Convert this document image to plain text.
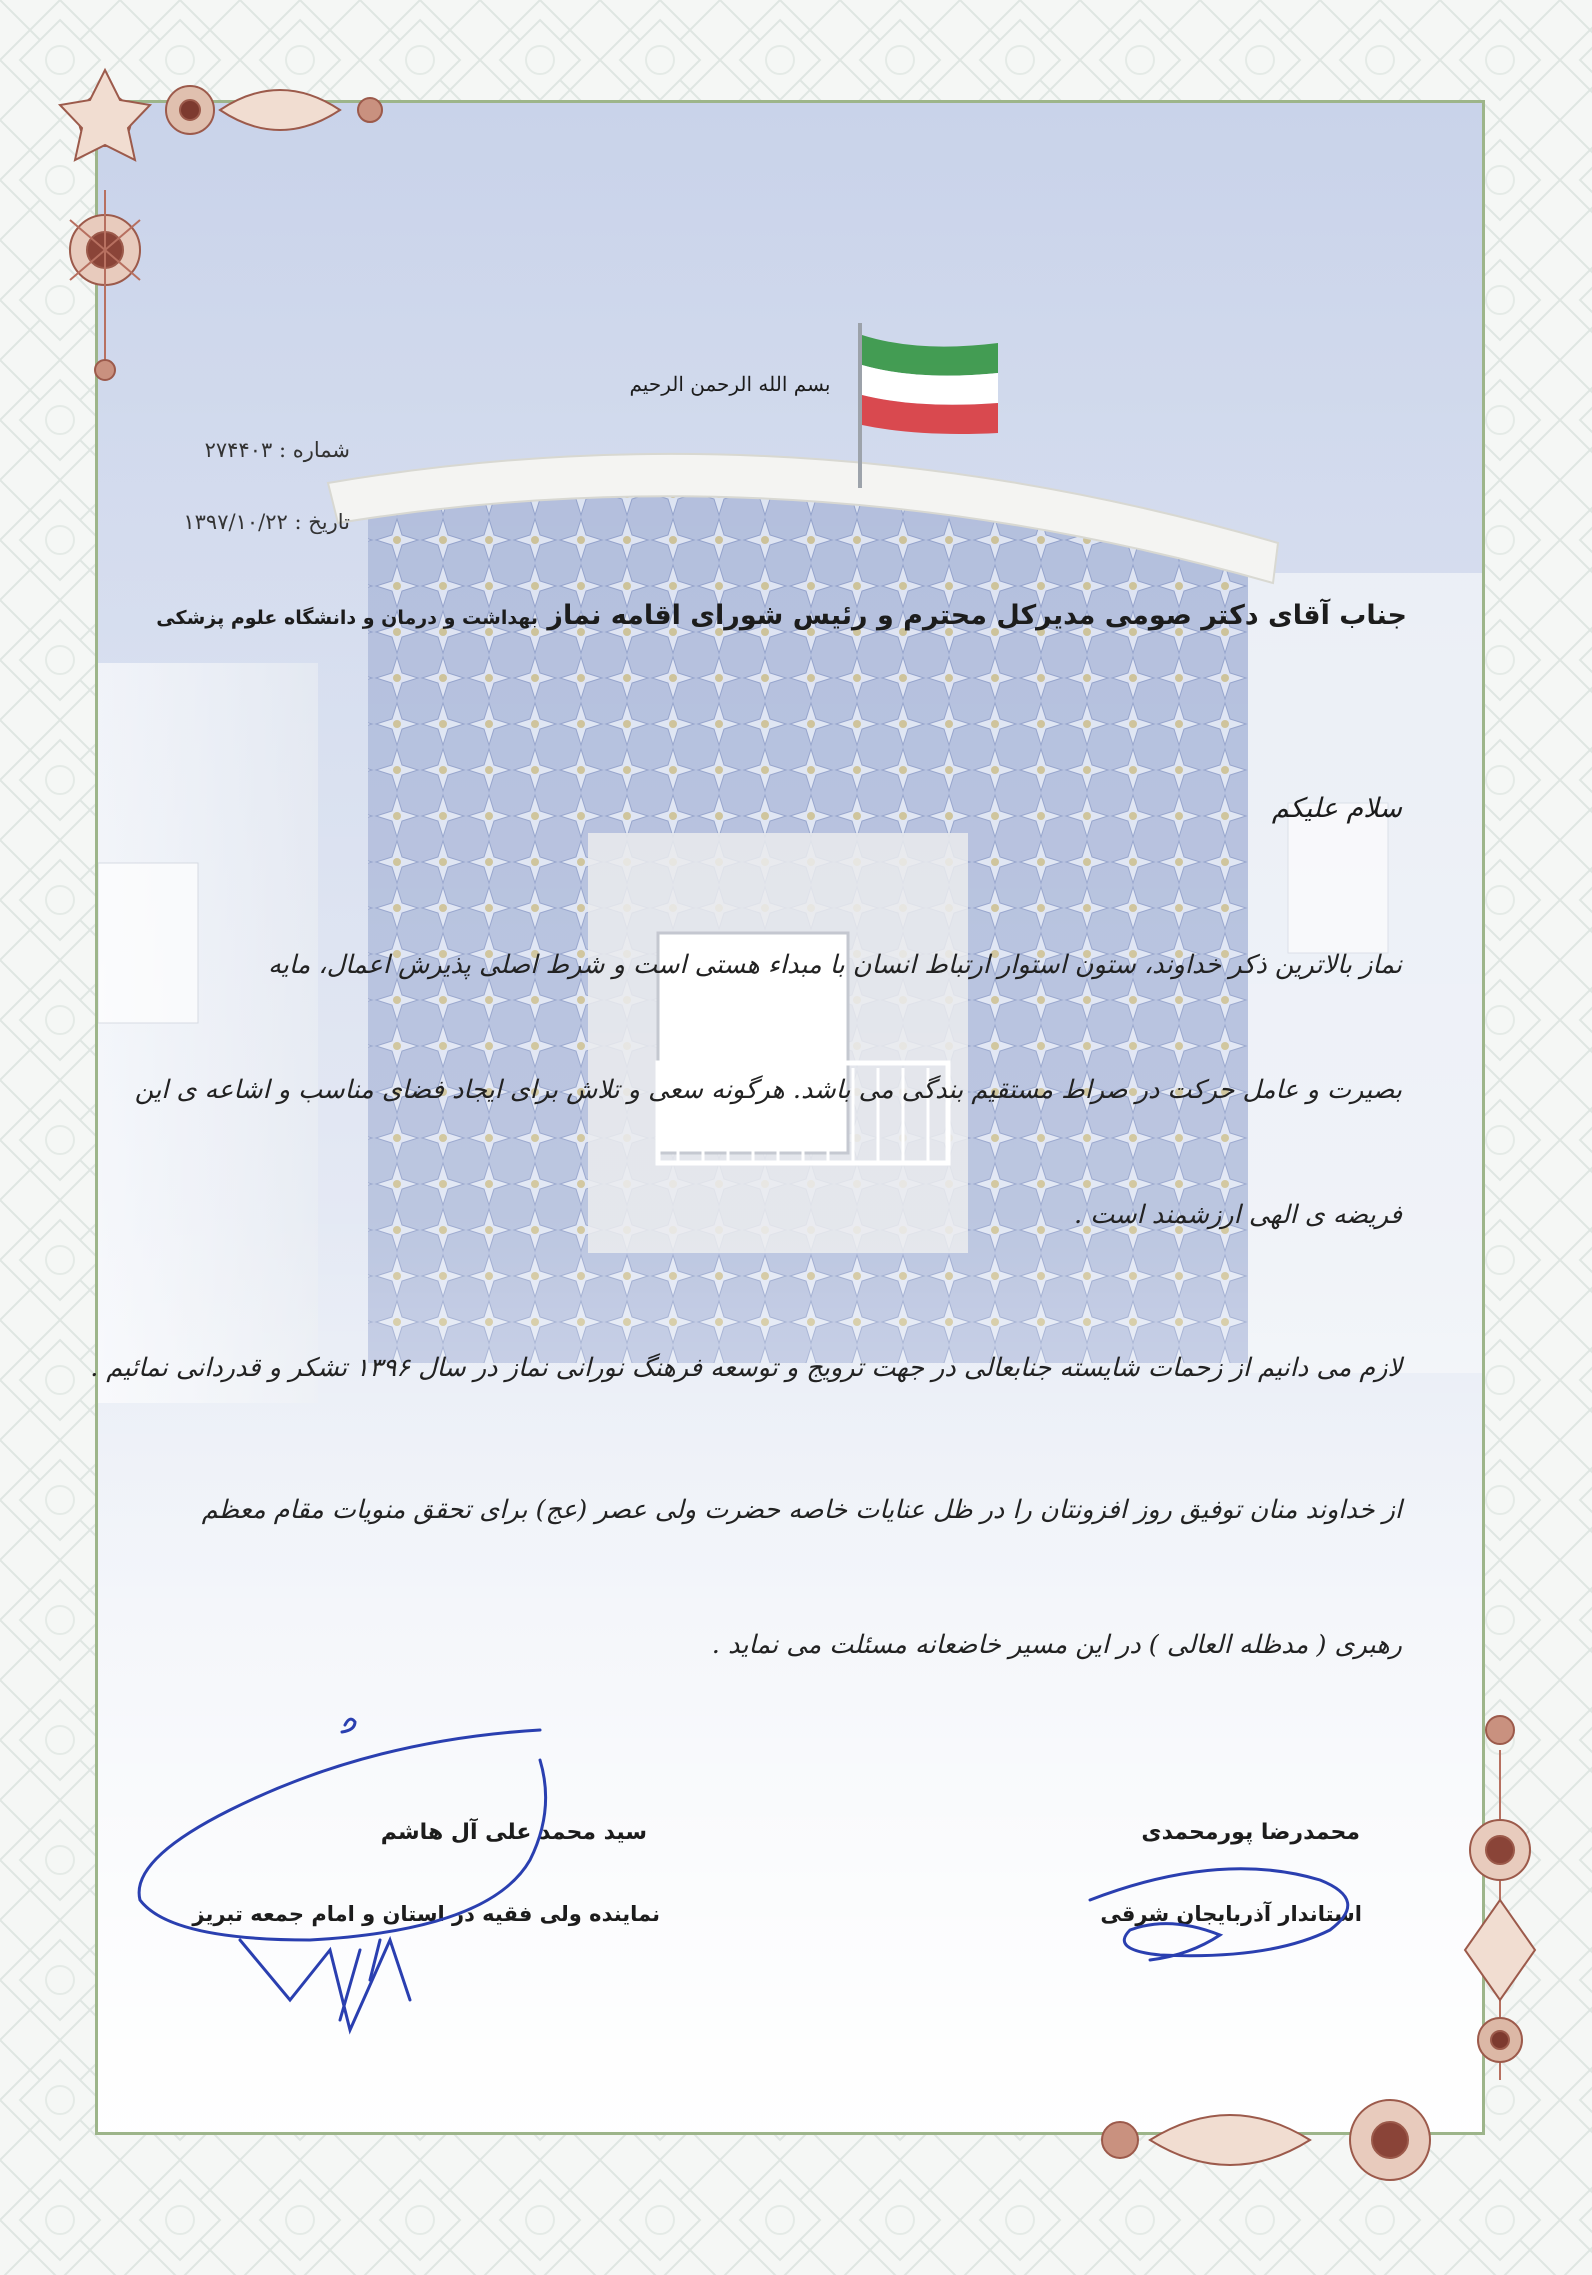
بسم الله الرحمن الرحیم
شماره : ۲۷۴۴۰۳
تاریخ : ۱۳۹۷/۱۰/۲۲
جناب آقای دکتر صومی مدیرکل محترم و رئیس شورای اقامه نماز بهداشت و درمان و دانشگاه علوم پزشکی
سلام علیکم
نماز بالاترین ذکر خداوند، ستون استوار ارتباط انسان با مبداء هستی است و شرط اصلی پذیرش اعمال، مایه
بصیرت و عامل حرکت در صراط مستقیم بندگی می باشد. هرگونه سعی و تلاش برای ایجاد فضای مناسب و اشاعه ی این
فریضه ی الهی ارزشمند است .
لازم می دانیم از زحمات شایسته جنابعالی در جهت ترویج و توسعه فرهنگ نورانی نماز در سال ۱۳۹۶ تشکر و قدردانی نمائیم .
از خداوند منان توفیق روز افزونتان را در ظل عنایات خاصه حضرت ولی عصر (عج) برای تحقق منویات مقام معظم
رهبری ( مدظله العالی ) در این مسیر خاضعانه مسئلت می نماید .
محمدرضا پورمحمدی
استاندار آذربایجان شرقی
سید محمد علی آل هاشم
نماینده ولی فقیه در استان و امام جمعه تبریز
